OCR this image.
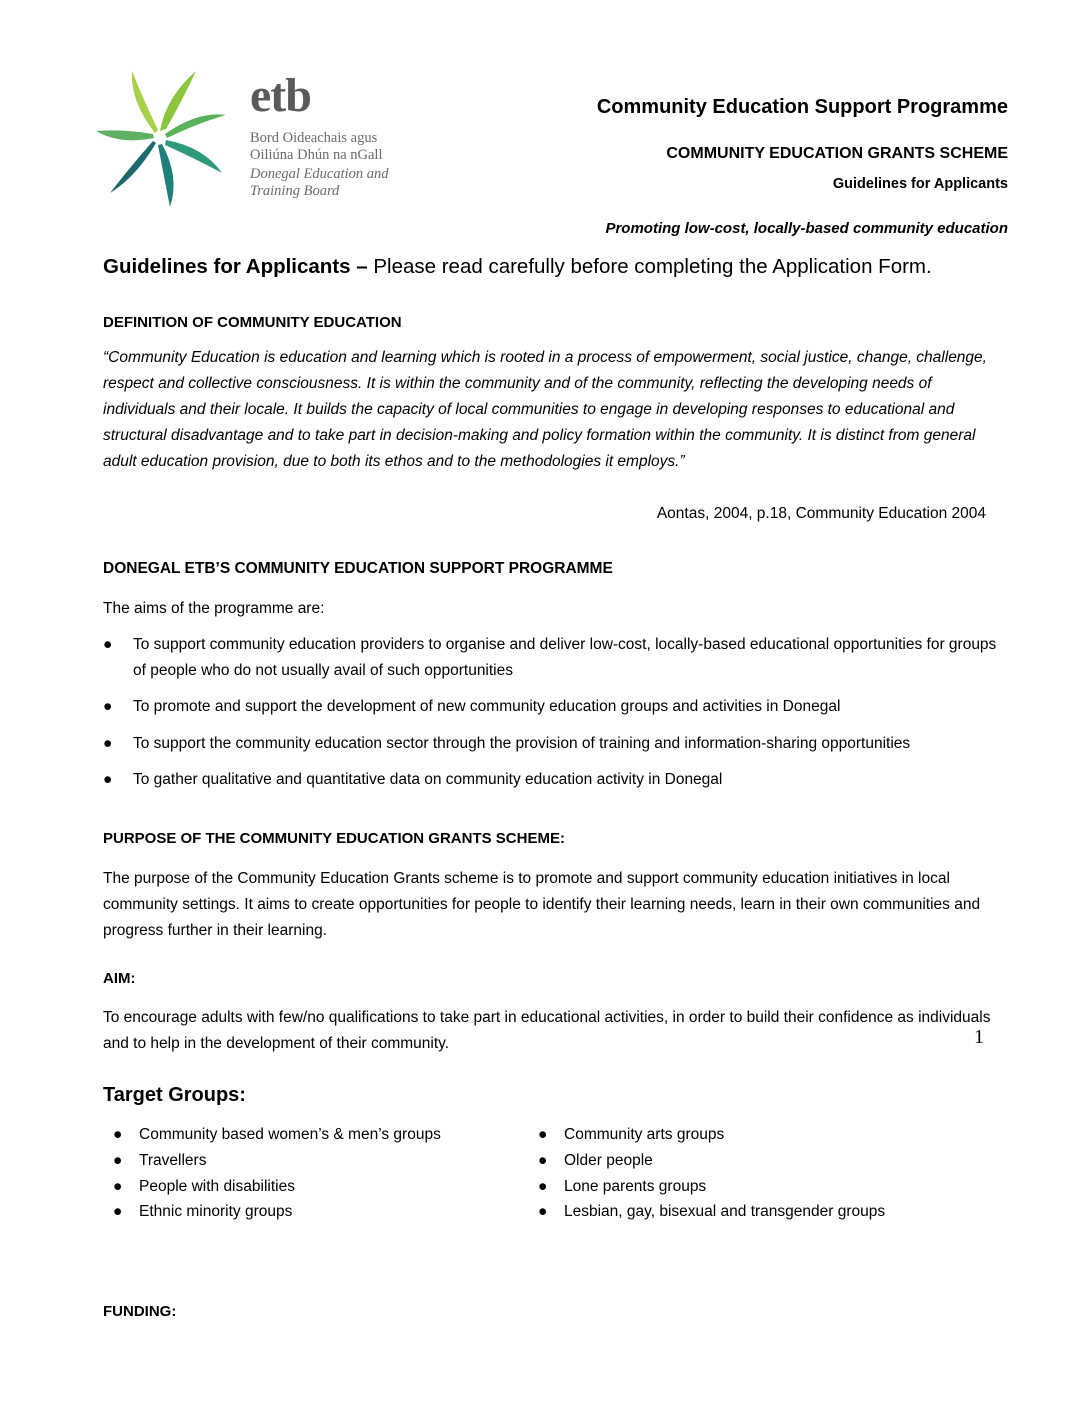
etb
Bord Oideachais agus
Oiliúna Dhún na nGall
Donegal Education and
Training Board
Community Education Support Programme
COMMUNITY EDUCATION GRANTS SCHEME
Guidelines for Applicants
Promoting low-cost, locally-based community education
Guidelines for Applicants – Please read carefully before completing the Application Form.
DEFINITION OF COMMUNITY EDUCATION
“Community Education is education and learning which is rooted in a process of empowerment, social justice, change, challenge, respect and collective consciousness. It is within the community and of the community, reflecting the developing needs of individuals and their locale. It builds the capacity of local communities to engage in developing responses to educational and structural disadvantage and to take part in decision-making and policy formation within the community. It is distinct from general adult education provision, due to both its ethos and to the methodologies it employs.”
Aontas, 2004, p.18, Community Education 2004
DONEGAL ETB’S COMMUNITY EDUCATION SUPPORT PROGRAMME
The aims of the programme are:
● To support community education providers to organise and deliver low-cost, locally-based educational opportunities for groups of people who do not usually avail of such opportunities
● To promote and support the development of new community education groups and activities in Donegal
● To support the community education sector through the provision of training and information-sharing opportunities
● To gather qualitative and quantitative data on community education activity in Donegal
PURPOSE OF THE COMMUNITY EDUCATION GRANTS SCHEME:
The purpose of the Community Education Grants scheme is to promote and support community education initiatives in local community settings. It aims to create opportunities for people to identify their learning needs, learn in their own communities and progress further in their learning.
AIM:
To encourage adults with few/no qualifications to take part in educational activities, in order to build their confidence as individuals and to help in the development of their community.
Target Groups:
● Community based women’s & men’s groups
● Travellers
● People with disabilities
● Ethnic minority groups
● Community arts groups
● Older people
● Lone parents groups
● Lesbian, gay, bisexual and transgender groups
FUNDING:
1
